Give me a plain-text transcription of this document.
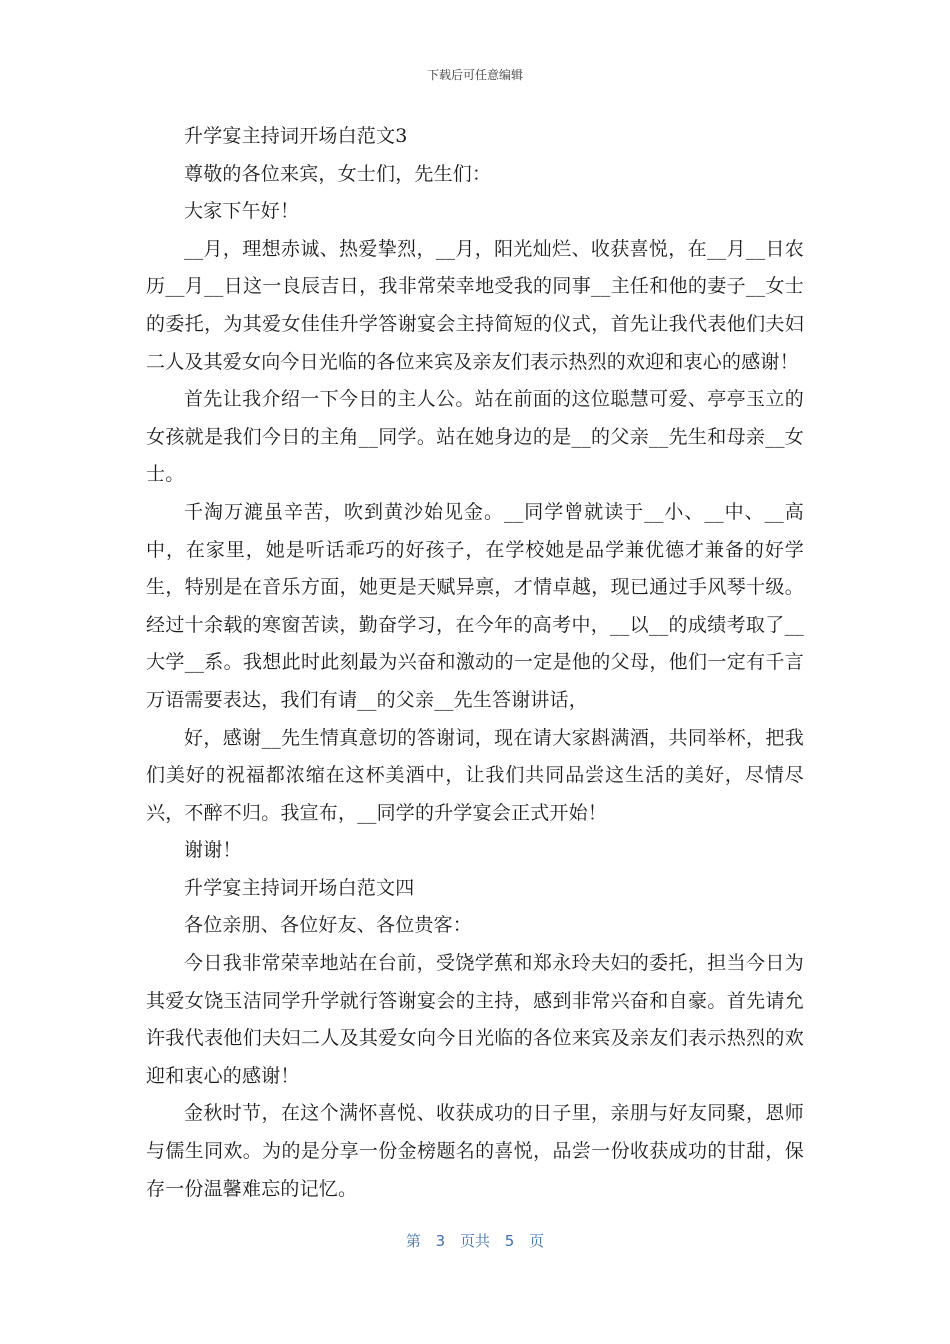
下载后可任意编辑

升学宴主持词开场白范文3

尊敬的各位来宾，女士们，先生们：

大家下午好！

__月，理想赤诚、热爱挚烈，__月，阳光灿烂、收获喜悦，在__月__日农历__月__日这一良辰吉日，我非常荣幸地受我的同事__主任和他的妻子__女士的委托，为其爱女佳佳升学答谢宴会主持简短的仪式，首先让我代表他们夫妇二人及其爱女向今日光临的各位来宾及亲友们表示热烈的欢迎和衷心的感谢！

首先让我介绍一下今日的主人公。站在前面的这位聪慧可爱、亭亭玉立的女孩就是我们今日的主角__同学。站在她身边的是__的父亲__先生和母亲__女士。

千淘万漉虽辛苦，吹到黄沙始见金。__同学曾就读于__小、__中、__高中，在家里，她是听话乖巧的好孩子，在学校她是品学兼优德才兼备的好学生，特别是在音乐方面，她更是天赋异禀，才情卓越，现已通过手风琴十级。经过十余载的寒窗苦读，勤奋学习，在今年的高考中，__以__的成绩考取了__大学__系。我想此时此刻最为兴奋和激动的一定是他的父母，他们一定有千言万语需要表达，我们有请__的父亲__先生答谢讲话，

好，感谢__先生情真意切的答谢词，现在请大家斟满酒，共同举杯，把我们美好的祝福都浓缩在这杯美酒中，让我们共同品尝这生活的美好，尽情尽兴，不醉不归。我宣布，__同学的升学宴会正式开始！

谢谢！

升学宴主持词开场白范文四

各位亲朋、各位好友、各位贵客：

今日我非常荣幸地站在台前，受饶学蕉和郑永玲夫妇的委托，担当今日为其爱女饶玉洁同学升学就行答谢宴会的主持，感到非常兴奋和自豪。首先请允许我代表他们夫妇二人及其爱女向今日光临的各位来宾及亲友们表示热烈的欢迎和衷心的感谢！

金秋时节，在这个满怀喜悦、收获成功的日子里，亲朋与好友同聚，恩师与儒生同欢。为的是分享一份金榜题名的喜悦，品尝一份收获成功的甘甜，保存一份温馨难忘的记忆。

第 3 页共 5 页
